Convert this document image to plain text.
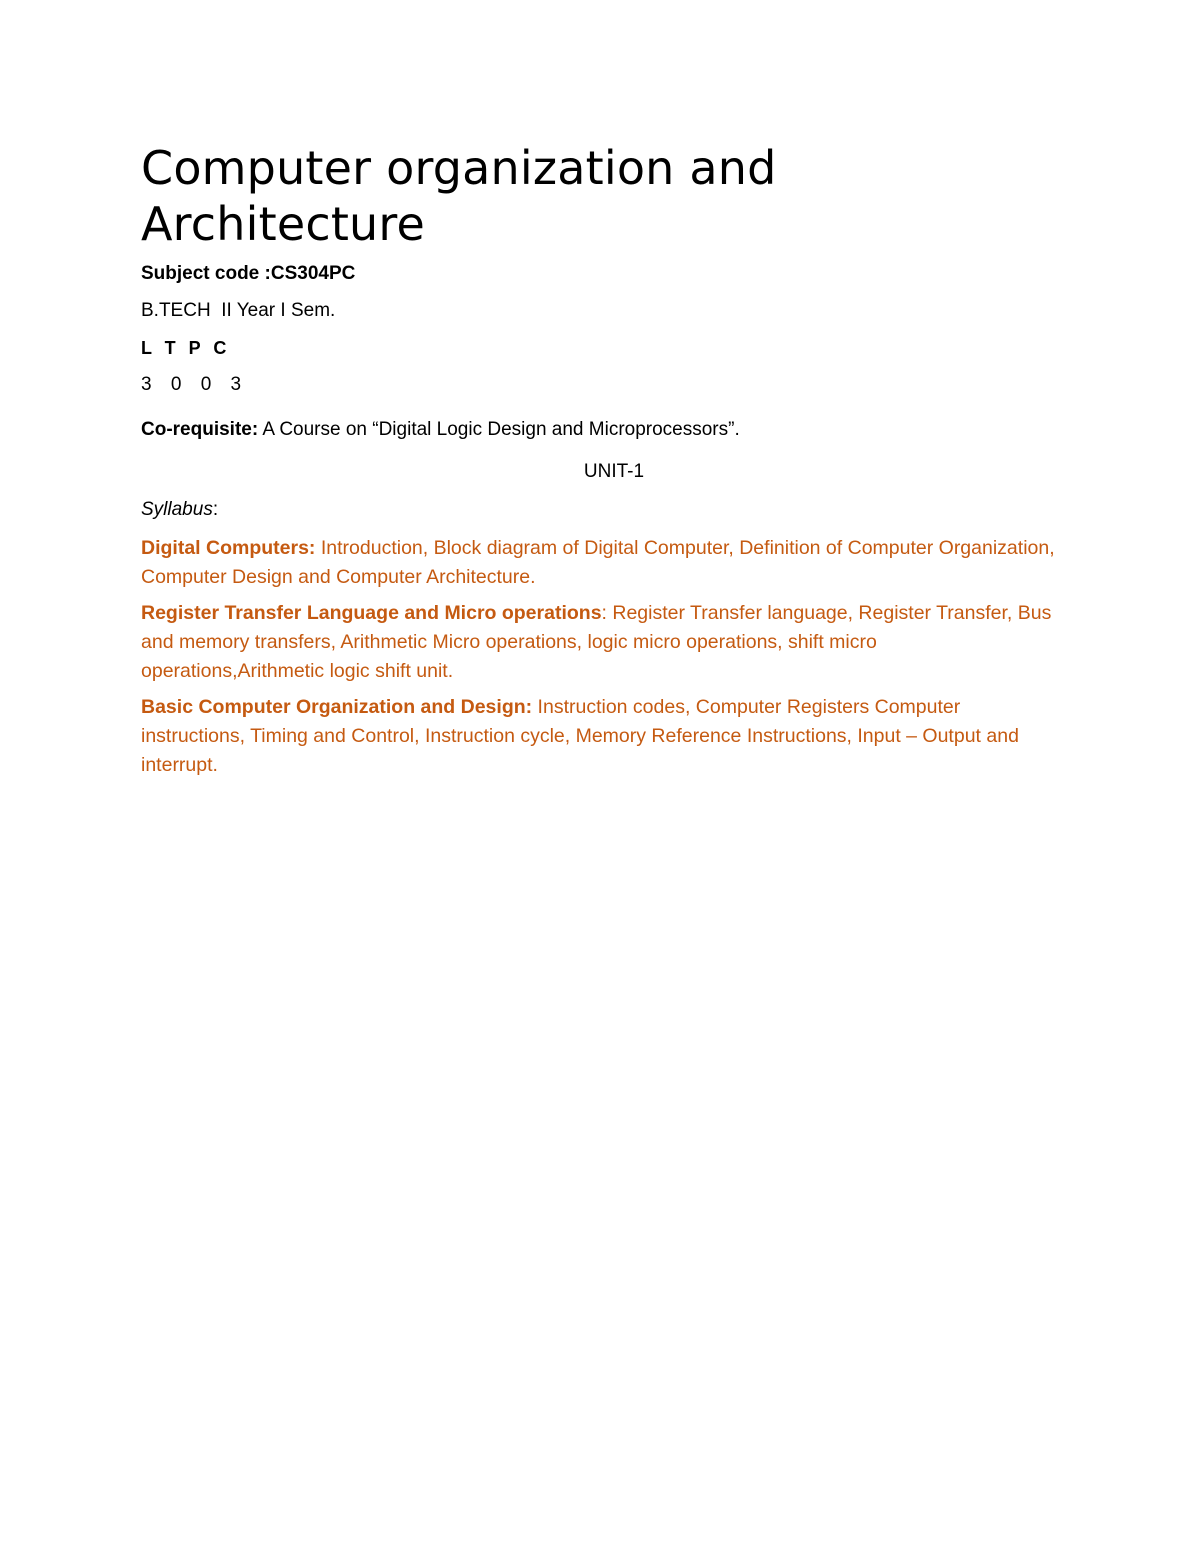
Computer organization and
Architecture
Subject code :CS304PC
B.TECH  II Year I Sem.
L T P C
3 0 0 3
Co-requisite: A Course on “Digital Logic Design and Microprocessors”.
UNIT-1
Syllabus:
Digital Computers: Introduction, Block diagram of Digital Computer, Definition of Computer Organization, Computer Design and Computer Architecture.
Register Transfer Language and Micro operations: Register Transfer language, Register Transfer, Bus and memory transfers, Arithmetic Micro operations, logic micro operations, shift micro operations,Arithmetic logic shift unit.
Basic Computer Organization and Design: Instruction codes, Computer Registers Computer instructions, Timing and Control, Instruction cycle, Memory Reference Instructions, Input – Output and interrupt.
